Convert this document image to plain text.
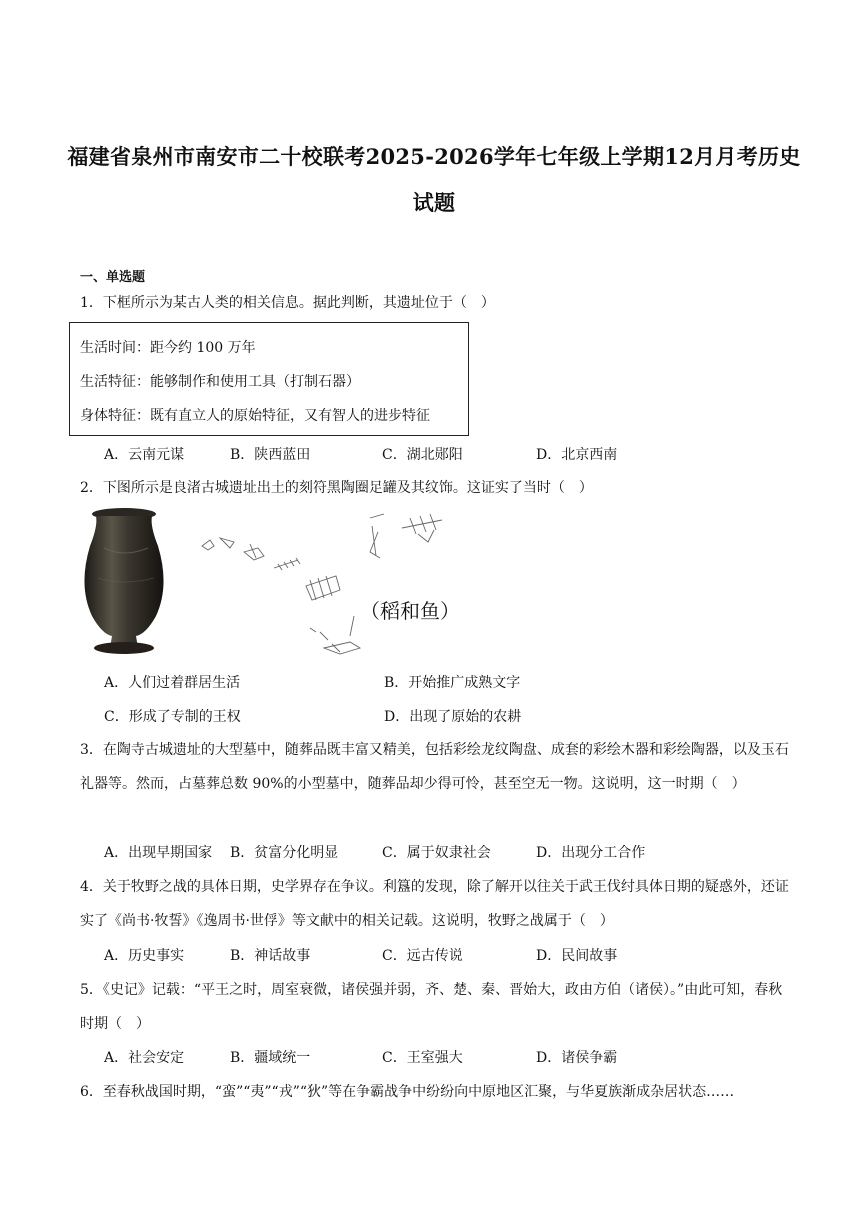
福建省泉州市南安市二十校联考2025-2026学年七年级上学期12月月考历史试题
一、单选题
1．下框所示为某古人类的相关信息。据此判断，其遗址位于（　）
生活时间：距今约 100 万年
生活特征：能够制作和使用工具（打制石器）
身体特征：既有直立人的原始特征，又有智人的进步特征
A．云南元谋	B．陕西蓝田	C．湖北郧阳	D．北京西南
2．下图所示是良渚古城遗址出土的刻符黑陶圈足罐及其纹饰。这证实了当时（　）
（稻和鱼）
A．人们过着群居生活	B．开始推广成熟文字
C．形成了专制的王权	D．出现了原始的农耕
3．在陶寺古城遗址的大型墓中，随葬品既丰富又精美，包括彩绘龙纹陶盘、成套的彩绘木器和彩绘陶器，以及玉石礼器等。然而，占墓葬总数 90%的小型墓中，随葬品却少得可怜，甚至空无一物。这说明，这一时期（　）
A．出现早期国家 B．贫富分化明显	C．属于奴隶社会	D．出现分工合作
4．关于牧野之战的具体日期，史学界存在争议。利簋的发现，除了解开以往关于武王伐纣具体日期的疑惑外，还证实了《尚书·牧誓》《逸周书·世俘》等文献中的相关记载。这说明，牧野之战属于（　）
A．历史事实	B．神话故事	C．远古传说	D．民间故事
5．《史记》记载：“平王之时，周室衰微，诸侯强并弱，齐、楚、秦、晋始大，政由方伯（诸侯）。”由此可知，春秋时期（　）
A．社会安定	B．疆域统一	C．王室强大	D．诸侯争霸
6．至春秋战国时期，“蛮”“夷”“戎”“狄”等在争霸战争中纷纷向中原地区汇聚，与华夏族渐成杂居状态……
